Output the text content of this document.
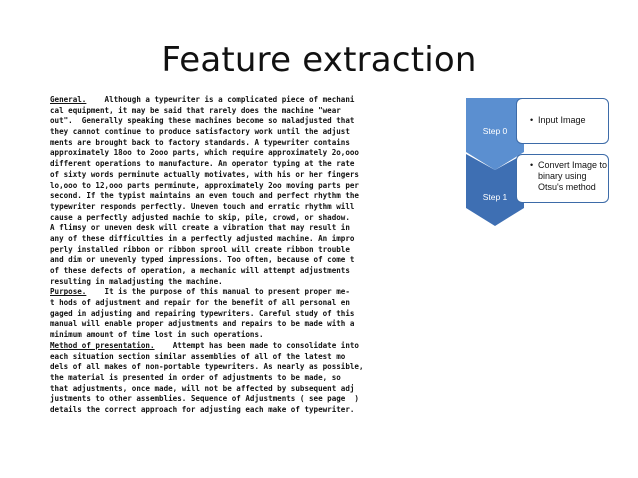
Feature extraction
General.    Although a typewriter is a complicated piece of mechani
cal equipment, it may be said that rarely does the machine "wear
out".  Generally speaking these machines become so maladjusted that
they cannot continue to produce satisfactory work until the adjust
ments are brought back to factory standards. A typewriter contains
approximately 18oo to 2ooo parts, which require approximately 2o,ooo
different operations to manufacture. An operator typing at the rate
of sixty words perminute actually motivates, with his or her fingers
lo,ooo to 12,ooo parts perminute, approximately 2oo moving parts per
second. If the typist maintains an even touch and perfect rhythm the
typewriter responds perfectly. Uneven touch and erratic rhythm will
cause a perfectly adjusted machie to skip, pile, crowd, or shadow.
A flimsy or uneven desk will create a vibration that may result in
any of these difficulties in a perfectly adjusted machine. An impro
perly installed ribbon or ribbon sprool will create ribbon trouble
and dim or unevenly typed impressions. Too often, because of come t
of these defects of operation, a mechanic will attempt adjustments
resulting in maladjusting the machine.
Purpose.    It is the purpose of this manual to present proper me-
t hods of adjustment and repair for the benefit of all personal en
gaged in adjusting and repairing typewriters. Careful study of this
manual will enable proper adjustments and repairs to be made with a
minimum amount of time lost in such operations.
Method of presentation.    Attempt has been made to consolidate into
each situation section similar assemblies of all of the latest mo
dels of all makes of non-portable typewriters. As nearly as possible,
the material is presented in order of adjustments to be made, so
that adjustments, once made, will not be affected by subsequent adj
justments to other assemblies. Sequence of Adjustments ( see page  )
details the correct approach for adjusting each make of typewriter.
Step 0
• Input Image
Step 1
• Convert Image to binary using Otsu's method
